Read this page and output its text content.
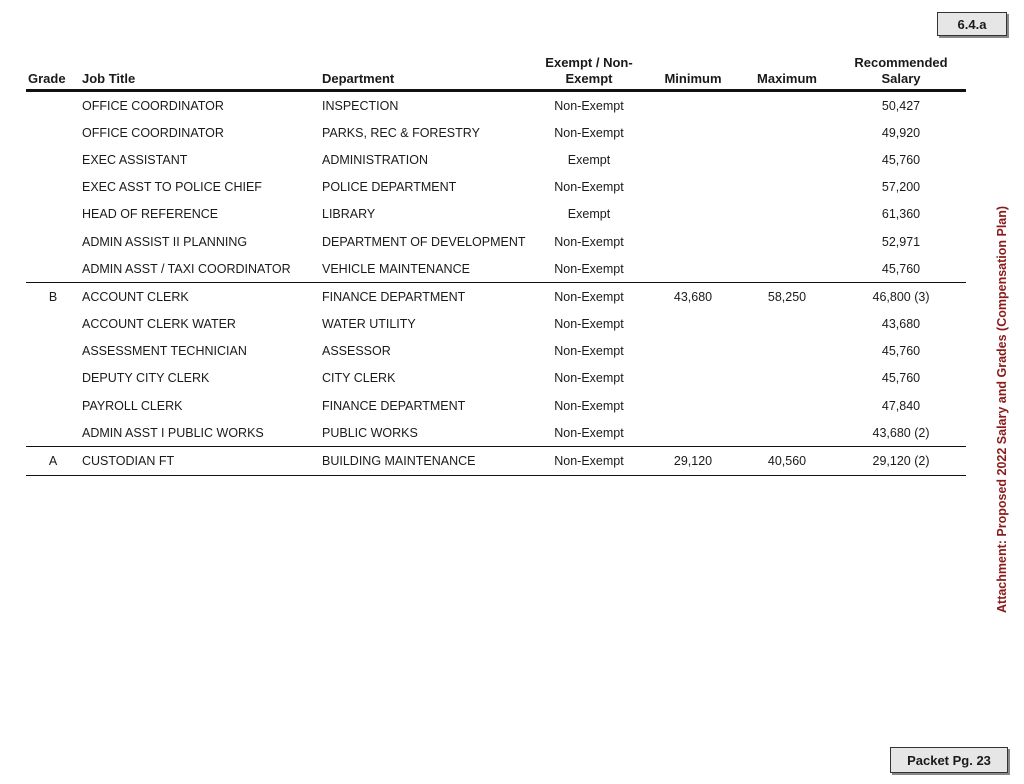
6.4.a
Grade	Job Title	Department	Exempt / Non-Exempt	Minimum	Maximum	Recommended Salary
	OFFICE COORDINATOR	INSPECTION	Non-Exempt			50,427
	OFFICE COORDINATOR	PARKS, REC & FORESTRY	Non-Exempt			49,920
	EXEC ASSISTANT	ADMINISTRATION	Exempt			45,760
	EXEC ASST TO POLICE CHIEF	POLICE DEPARTMENT	Non-Exempt			57,200
	HEAD OF REFERENCE	LIBRARY	Exempt			61,360
	ADMIN ASSIST II PLANNING	DEPARTMENT OF DEVELOPMENT	Non-Exempt			52,971
	ADMIN ASST / TAXI COORDINATOR	VEHICLE MAINTENANCE	Non-Exempt			45,760
B	ACCOUNT CLERK	FINANCE DEPARTMENT	Non-Exempt	43,680	58,250	46,800 (3)
	ACCOUNT CLERK WATER	WATER UTILITY	Non-Exempt			43,680
	ASSESSMENT TECHNICIAN	ASSESSOR	Non-Exempt			45,760
	DEPUTY CITY CLERK	CITY CLERK	Non-Exempt			45,760
	PAYROLL CLERK	FINANCE DEPARTMENT	Non-Exempt			47,840
	ADMIN ASST I PUBLIC WORKS	PUBLIC WORKS	Non-Exempt			43,680 (2)
A	CUSTODIAN FT	BUILDING MAINTENANCE	Non-Exempt	29,120	40,560	29,120 (2)	Attachment: Proposed 2022 Salary and Grades (Compensation Plan)
Packet Pg. 23
